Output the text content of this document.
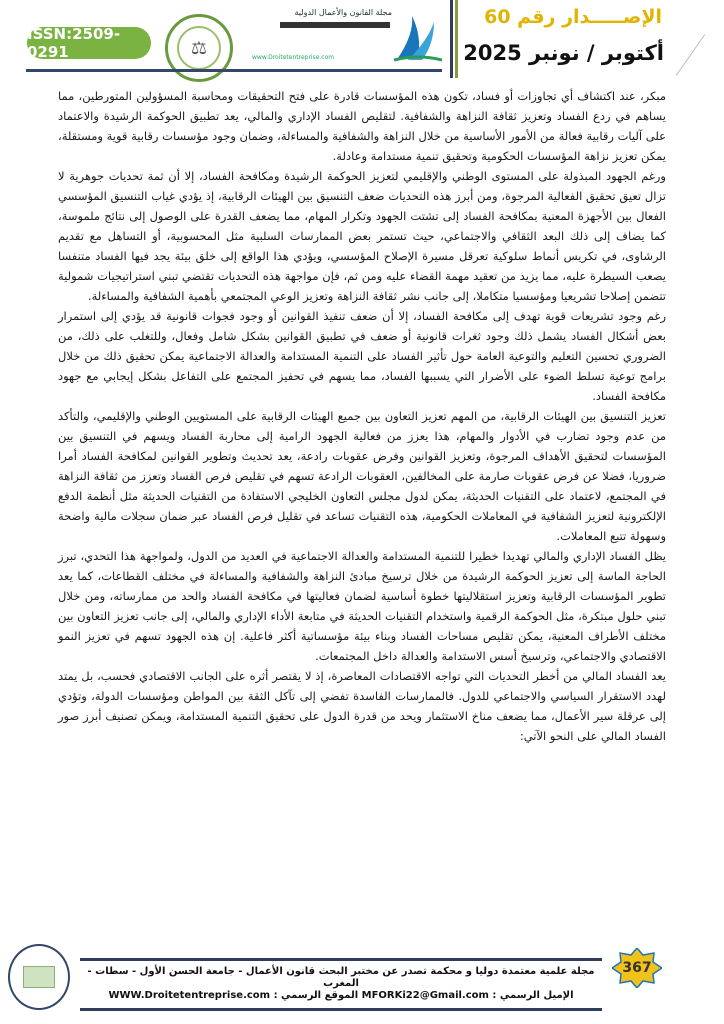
ISSN:2509-0291	⚖
مجلة القانون والأعمال الدولية
www.Droitetentreprise.com
الإصـــــدار رقم 60
أكتوبر / نونبر 2025

مبكر، عند اكتشاف أي تجاوزات أو فساد، تكون هذه المؤسسات قادرة على فتح التحقيقات ومحاسبة المسؤولين المتورطين، مما يساهم في ردع الفساد وتعزيز ثقافة النزاهة والشفافية. لتقليص الفساد الإداري والمالي، يعد تطبيق الحوكمة الرشيدة والاعتماد على آليات رقابية فعالة من الأمور الأساسية من خلال النزاهة والشفافية والمساءلة، وضمان وجود مؤسسات رقابية قوية ومستقلة، يمكن تعزيز نزاهة المؤسسات الحكومية وتحقيق تنمية مستدامة وعادلة.

ورغم الجهود المبذولة على المستوى الوطني والإقليمي لتعزيز الحوكمة الرشيدة ومكافحة الفساد، إلا أن ثمة تحديات جوهرية لا تزال تعيق تحقيق الفعالية المرجوة، ومن أبرز هذه التحديات ضعف التنسيق بين الهيئات الرقابية، إذ يؤدي غياب التنسيق المؤسسي الفعال بين الأجهزة المعنية بمكافحة الفساد إلى تشتت الجهود وتكرار المهام، مما يضعف القدرة على الوصول إلى نتائج ملموسة، كما يضاف إلى ذلك البعد الثقافي والاجتماعي، حيث تستمر بعض الممارسات السلبية مثل المحسوبية، أو التساهل مع تقديم الرشاوى، في تكريس أنماط سلوكية تعرقل مسيرة الإصلاح المؤسسي، ويؤدي هذا الواقع إلى خلق بيئة يجد فيها الفساد متنفسا يصعب السيطرة عليه، مما يزيد من تعقيد مهمة القضاء عليه ومن ثم، فإن مواجهة هذه التحديات تقتضي تبني استراتيجيات شمولية تتضمن إصلاحا تشريعيا ومؤسسيا متكاملا، إلى جانب نشر ثقافة النزاهة وتعزيز الوعي المجتمعي بأهمية الشفافية والمساءلة.

رغم وجود تشريعات قوية تهدف إلى مكافحة الفساد، إلا أن ضعف تنفيذ القوانين أو وجود فجوات قانونية قد يؤدي إلى استمرار بعض أشكال الفساد يشمل ذلك وجود ثغرات قانونية أو ضعف في تطبيق القوانين بشكل شامل وفعال، وللتغلب على ذلك، من الضروري تحسين التعليم والتوعية العامة حول تأثير الفساد على التنمية المستدامة والعدالة الاجتماعية يمكن تحقيق ذلك من خلال برامج توعية تسلط الضوء على الأضرار التي يسببها الفساد، مما يسهم في تحفيز المجتمع على التفاعل بشكل إيجابي مع جهود مكافحة الفساد.

تعزيز التنسيق بين الهيئات الرقابية، من المهم تعزيز التعاون بين جميع الهيئات الرقابية على المستويين الوطني والإقليمي، والتأكد من عدم وجود تضارب في الأدوار والمهام، هذا يعزز من فعالية الجهود الرامية إلى محاربة الفساد ويسهم في التنسيق بين المؤسسات لتحقيق الأهداف المرجوة، وتعزيز القوانين وفرض عقوبات رادعة، يعد تحديث وتطوير القوانين لمكافحة الفساد أمرا ضروريا، فضلا عن فرض عقوبات صارمة على المخالفين، العقوبات الرادعة تسهم في تقليص فرص الفساد وتعزز من ثقافة النزاهة في المجتمع، لاعتماد على التقنيات الحديثة، يمكن لدول مجلس التعاون الخليجي الاستفادة من التقنيات الحديثة مثل أنظمة الدفع الإلكترونية لتعزيز الشفافية في المعاملات الحكومية، هذه التقنيات تساعد في تقليل فرص الفساد عبر ضمان سجلات مالية واضحة وسهولة تتبع المعاملات.

يظل الفساد الإداري والمالي تهديدا خطيرا للتنمية المستدامة والعدالة الاجتماعية في العديد من الدول، ولمواجهة هذا التحدي، تبرز الحاجة الماسة إلى تعزيز الحوكمة الرشيدة من خلال ترسيخ مبادئ النزاهة والشفافية والمساءلة في مختلف القطاعات، كما يعد تطوير المؤسسات الرقابية وتعزيز استقلاليتها خطوة أساسية لضمان فعاليتها في مكافحة الفساد والحد من ممارساته، ومن خلال تبني حلول مبتكرة، مثل الحوكمة الرقمية واستخدام التقنيات الحديثة في متابعة الأداء الإداري والمالي، إلى جانب تعزيز التعاون بين مختلف الأطراف المعنية، يمكن تقليص مساحات الفساد وبناء بيئة مؤسساتية أكثر فاعلية. إن هذه الجهود تسهم في تعزيز النمو الاقتصادي والاجتماعي، وترسيخ أسس الاستدامة والعدالة داخل المجتمعات.

يعد الفساد المالي من أخطر التحديات التي تواجه الاقتصادات المعاصرة، إذ لا يقتصر أثره على الجانب الاقتصادي فحسب، بل يمتد لهدد الاستقرار السياسي والاجتماعي للدول. فالممارسات الفاسدة تفضي إلى تآكل الثقة بين المواطن ومؤسسات الدولة، وتؤدي إلى عرقلة سير الأعمال، مما يضعف مناخ الاستثمار ويحد من قدرة الدول على تحقيق التنمية المستدامة، ويمكن تصنيف أبرز صور الفساد المالي على النحو الآتي:

مجلة علمية معتمدة دوليا و محكمة تصدر عن مختبر البحث قانون الأعمال - جامعة الحسن الأول - سطات - المغرب
الإميل الرسمي : MFORKi22@Gmail.com الموقع الرسمي : WWW.Droitetentreprise.com
367
